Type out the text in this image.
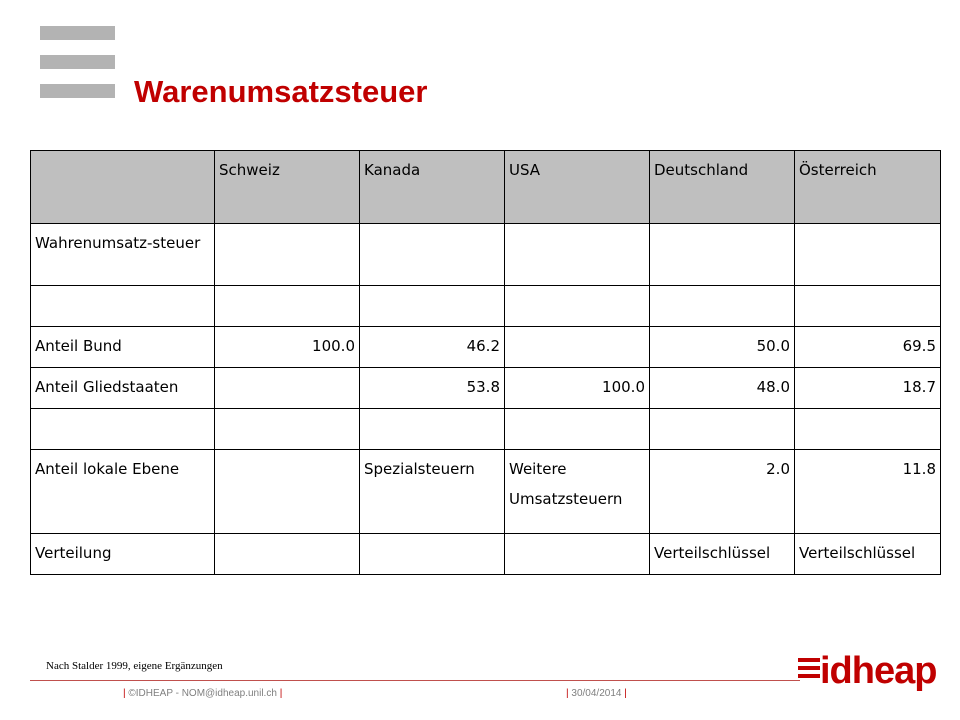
Warenumsatzsteuer
	Schweiz	Kanada	USA	Deutschland	Österreich
Wahrenumsatz-steuer					

Anteil Bund	100.0	46.2		50.0	69.5
Anteil Gliedstaaten		53.8	100.0	48.0	18.7

Anteil lokale Ebene		Spezialsteuern	Weitere Umsatzsteuern	2.0	11.8
Verteilung				Verteilschlüssel	Verteilschlüssel
Nach Stalder 1999, eigene Ergänzungen
| ©IDHEAP - NOM@idheap.unil.ch |	| 30/04/2014 |
idheap
